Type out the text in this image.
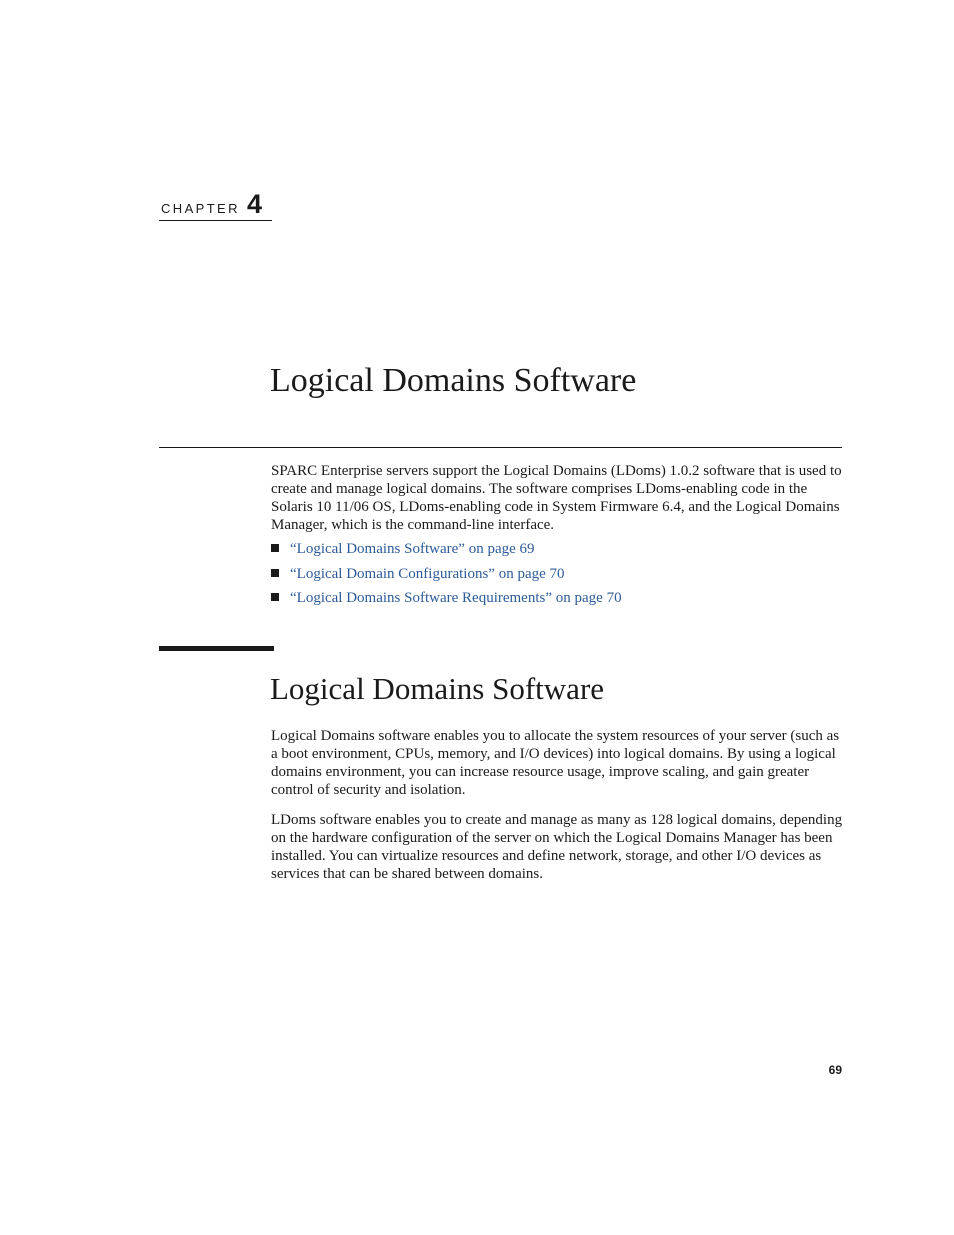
CHAPTER 4
Logical Domains Software

SPARC Enterprise servers support the Logical Domains (LDoms) 1.0.2 software that is used to create and manage logical domains. The software comprises LDoms-enabling code in the Solaris 10 11/06 OS, LDoms-enabling code in System Firmware 6.4, and the Logical Domains Manager, which is the command-line interface.

“Logical Domains Software” on page 69
“Logical Domain Configurations” on page 70
“Logical Domains Software Requirements” on page 70
Logical Domains Software

Logical Domains software enables you to allocate the system resources of your server (such as a boot environment, CPUs, memory, and I/O devices) into logical domains. By using a logical domains environment, you can increase resource usage, improve scaling, and gain greater control of security and isolation.

LDoms software enables you to create and manage as many as 128 logical domains, depending on the hardware configuration of the server on which the Logical Domains Manager has been installed. You can virtualize resources and define network, storage, and other I/O devices as services that can be shared between domains.

69
